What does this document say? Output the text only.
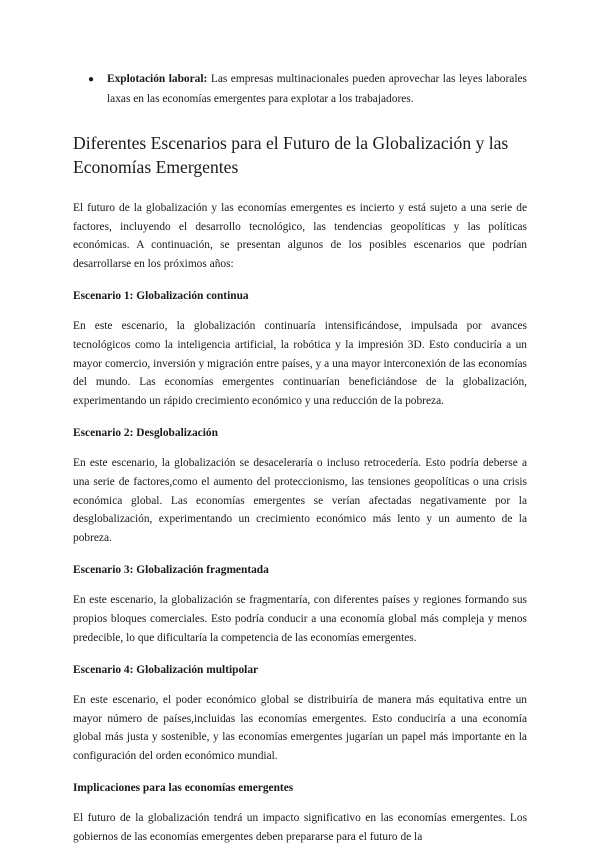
● Explotación laboral: Las empresas multinacionales pueden aprovechar las leyes laborales laxas en las economías emergentes para explotar a los trabajadores.
Diferentes Escenarios para el Futuro de la Globalización y las Economías Emergentes

El futuro de la globalización y las economías emergentes es incierto y está sujeto a una serie de factores, incluyendo el desarrollo tecnológico, las tendencias geopolíticas y las políticas económicas. A continuación, se presentan algunos de los posibles escenarios que podrían desarrollarse en los próximos años:

Escenario 1: Globalización continua

En este escenario, la globalización continuaría intensificándose, impulsada por avances tecnológicos como la inteligencia artificial, la robótica y la impresión 3D. Esto conduciría a un mayor comercio, inversión y migración entre países, y a una mayor interconexión de las economías del mundo. Las economías emergentes continuarían beneficiándose de la globalización, experimentando un rápido crecimiento económico y una reducción de la pobreza.

Escenario 2: Desglobalización

En este escenario, la globalización se desaceleraría o incluso retrocedería. Esto podría deberse a una serie de factores,como el aumento del proteccionismo, las tensiones geopolíticas o una crisis económica global. Las economías emergentes se verían afectadas negativamente por la desglobalización, experimentando un crecimiento económico más lento y un aumento de la pobreza.

Escenario 3: Globalización fragmentada

En este escenario, la globalización se fragmentaría, con diferentes países y regiones formando sus propios bloques comerciales. Esto podría conducir a una economía global más compleja y menos predecible, lo que dificultaría la competencia de las economías emergentes.

Escenario 4: Globalización multipolar

En este escenario, el poder económico global se distribuiría de manera más equitativa entre un mayor número de países,incluidas las economías emergentes. Esto conduciría a una economía global más justa y sostenible, y las economías emergentes jugarían un papel más importante en la configuración del orden económico mundial.

Implicaciones para las economías emergentes

El futuro de la globalización tendrá un impacto significativo en las economías emergentes. Los gobiernos de las economías emergentes deben prepararse para el futuro de la
